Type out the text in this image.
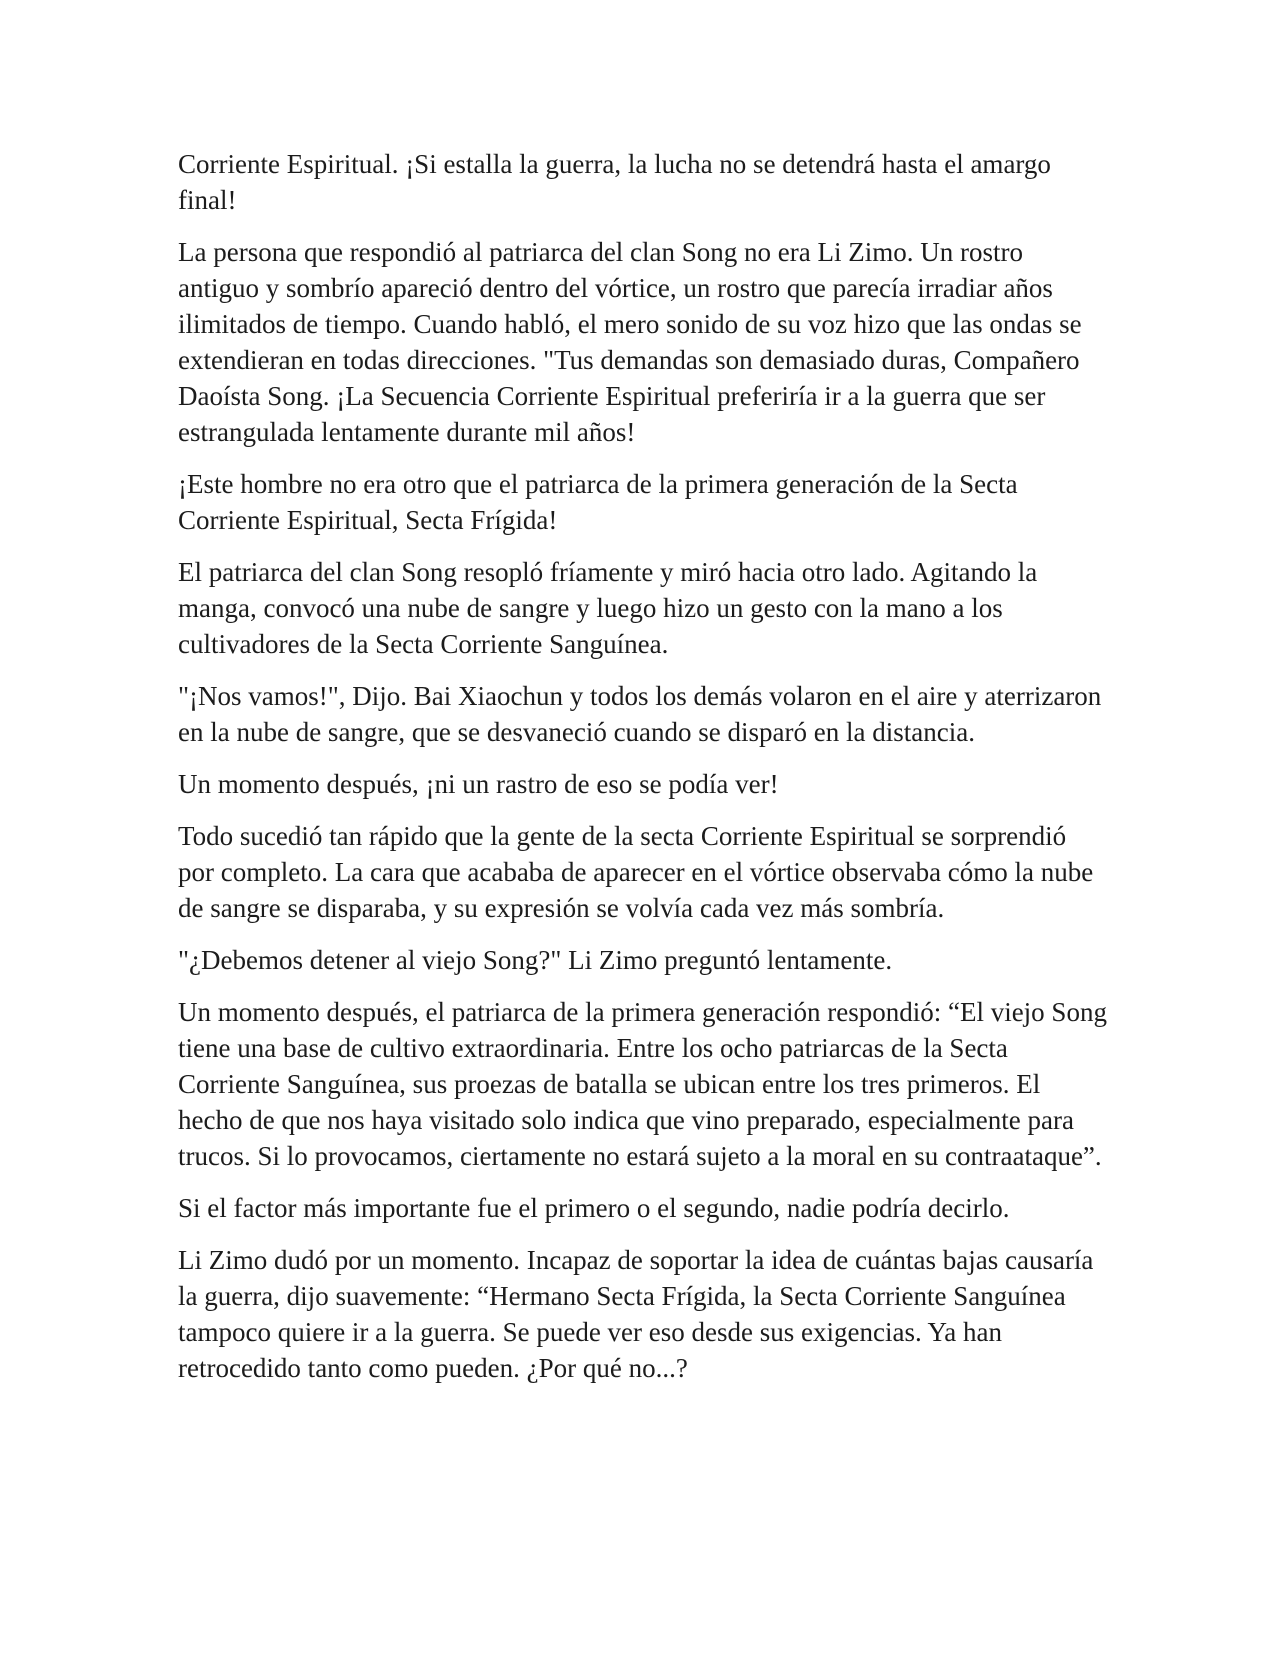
Corriente Espiritual. ¡Si estalla la guerra, la lucha no se detendrá hasta el amargo final!

La persona que respondió al patriarca del clan Song no era Li Zimo. Un rostro antiguo y sombrío apareció dentro del vórtice, un rostro que parecía irradiar años ilimitados de tiempo. Cuando habló, el mero sonido de su voz hizo que las ondas se extendieran en todas direcciones. "Tus demandas son demasiado duras, Compañero Daoísta Song. ¡La Secuencia Corriente Espiritual preferiría ir a la guerra que ser estrangulada lentamente durante mil años!

¡Este hombre no era otro que el patriarca de la primera generación de la Secta Corriente Espiritual, Secta Frígida!

El patriarca del clan Song resopló fríamente y miró hacia otro lado. Agitando la manga, convocó una nube de sangre y luego hizo un gesto con la mano a los cultivadores de la Secta Corriente Sanguínea.

"¡Nos vamos!", Dijo. Bai Xiaochun y todos los demás volaron en el aire y aterrizaron en la nube de sangre, que se desvaneció cuando se disparó en la distancia.

Un momento después, ¡ni un rastro de eso se podía ver!

Todo sucedió tan rápido que la gente de la secta Corriente Espiritual se sorprendió por completo. La cara que acababa de aparecer en el vórtice observaba cómo la nube de sangre se disparaba, y su expresión se volvía cada vez más sombría.

"¿Debemos detener al viejo Song?" Li Zimo preguntó lentamente.

Un momento después, el patriarca de la primera generación respondió: “El viejo Song tiene una base de cultivo extraordinaria. Entre los ocho patriarcas de la Secta Corriente Sanguínea, sus proezas de batalla se ubican entre los tres primeros. El hecho de que nos haya visitado solo indica que vino preparado, especialmente para trucos. Si lo provocamos, ciertamente no estará sujeto a la moral en su contraataque”.

Si el factor más importante fue el primero o el segundo, nadie podría decirlo.

Li Zimo dudó por un momento. Incapaz de soportar la idea de cuántas bajas causaría la guerra, dijo suavemente: “Hermano Secta Frígida, la Secta Corriente Sanguínea tampoco quiere ir a la guerra. Se puede ver eso desde sus exigencias. Ya han retrocedido tanto como pueden. ¿Por qué no...?
